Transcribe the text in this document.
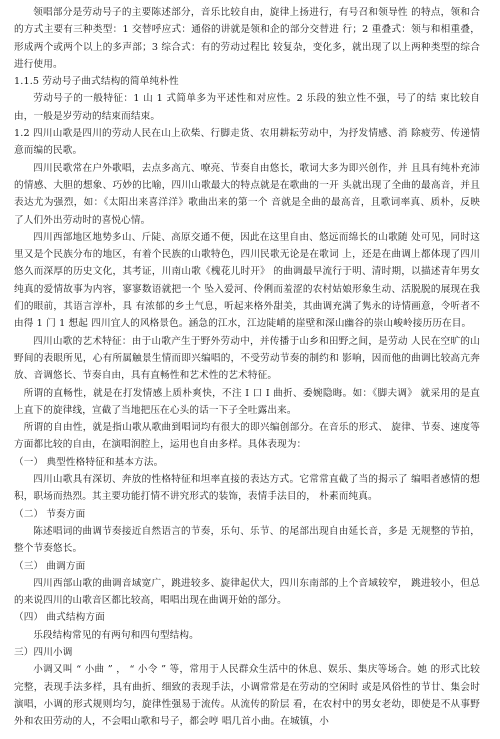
领唱部分是劳动号子的主要陈述部分，音乐比较自由，旋律上扬进行，有号召和领导性 的特点，领和合的方式主要有三种类型：1 交替呼应式：通俗的讲就是领和企的部分交替进 行；2 重叠式：领与和相重叠，形成两个或两个以上的多声部；3 综合式：有的劳动过程比 较复杂，变化多，就出现了以上两种类型的综合进行使用。

1.1.5 劳动号子曲式结构的简单纯朴性

劳动号子的一般特征：1 山 1 式简单多为平述性和对应性。2 乐段的独立性不强，号了的结 束比较自由，一般是岁劳动的结束而结束。

1.2 四川山歌是四川的劳动人民在山上砍柴、行脚走货、农用耕耘劳动中，为抒发情感、消 除疲劳、传递情意而编的民歌。

四川民歌常在户外歌唱，去点多高亢、嘹亮、节奏自由悠长，歌词大多为即兴创作，并 且具有纯朴充沛的情感、大胆的想象、巧妙的比喻，四川山歌最大的特点就是在歌曲的一开 头就出现了全曲的最高音，并且表达尤为强烈，如：《太阳出来喜洋洋》歌曲出来的第一个 音就是全曲的最高音，且歌词率真、质朴，反映了人们外出劳动时的喜悦心情。

四川西部地区地势多山、斤陡、高原交通不便，因此在这里自由、悠远而绵长的山歌随 处可见，同时这里又是个民族分布的地区，有着个民族的山歌特色，四川民歌无论是在歌词 上，还是在曲调上都体现了四川悠久而深厚的历史文化，其考证，川南山歌《槐花儿时开》 的曲调最早流行于明、清时期，以描述青年男女纯真的爱情故事为内容，寥寥数语就把一个 坠入爱河、伶俐而羞涩的农村姑娘形象生动、活脱脱的展现在我们的眼前，其语言淳朴，具 有浓郁的乡土气息，听起来格外甜美，其曲调充满了隽永的诗情画意，令听者不由得 1 门 1 想起 四川宜人的风格景色。涵急的江水，江边陡峭的崖壁和深山幽谷的崇山峻岭接历历在目。

四川山歌的艺术特征：由于山歌产生于野外劳动中，并传播于山乡和田野之间，是劳动 人民在空旷的山野间的表眼所见，心有所属触景生情而即兴编唱的，不受劳动节奏的制约和 影响，因而他的曲调比较高亢奔放、音调悠长、节奏自由，具有直畅性和艺术性的艺术特征。

所谓的直畅性，就是在打发情感上质朴爽快，不注 I 口 I 曲折、委婉隐晦。如：《脚夫调》 就采用的是直上直下的旋律线，宣截了当地把压在心头的话一下子全吐露出来。

所谓的自由性，就是指山歌从歌曲到唱词均有很大的即兴编创部分。在音乐的形式、 旋律、节奏、速度等方面都比较的自由，在演唱润腔上，运用也自由多样。具体表现为：

（一） 典型性格特征和基本方法。

四川山歌具有深切、奔放的性格特征和坦率直接的表达方式。它常常直截了当的揭示了 编唱者感情的想积，职场而热烈。其主要功能打情不讲究形式的装饰，表情手法目的， 朴素而纯真。

（二） 节奏方面

陈述唱词的曲调节奏接近自然语言的节奏，乐句、乐节、的尾部出现自由延长音，多是 无规整的节拍，整个节奏悠长。

（三） 曲调方面

四川西部山歌的曲调音域宽广，跳进较多、旋律起伏大，四川东南部的上个音域较窄， 跳进较小，但总的来说四川的山歌音区都比较高，唱唱出现在曲调开始的部分。

（四） 曲式结构方面

乐段结构常见的有两句和四句型结构。

三）四川小调

小调又叫 “ 小曲 ” ， “ 小令 ” 等，常用于人民群众生活中的休息、娱乐、集庆等场合。她 的形式比较完整，表现手法多样，具有曲折、细致的表现手法，小调常常是在劳动的空闲时 或是风俗性的节廿、集会时演唱，小调的形式规则均匀，旋律性强易于流传。从流传的阶层 看，在农村中的男女老幼，即使是不从事野外和农田劳动的人，不会唱山歌和号子，都会哼 唱几首小曲。在城镇，小
